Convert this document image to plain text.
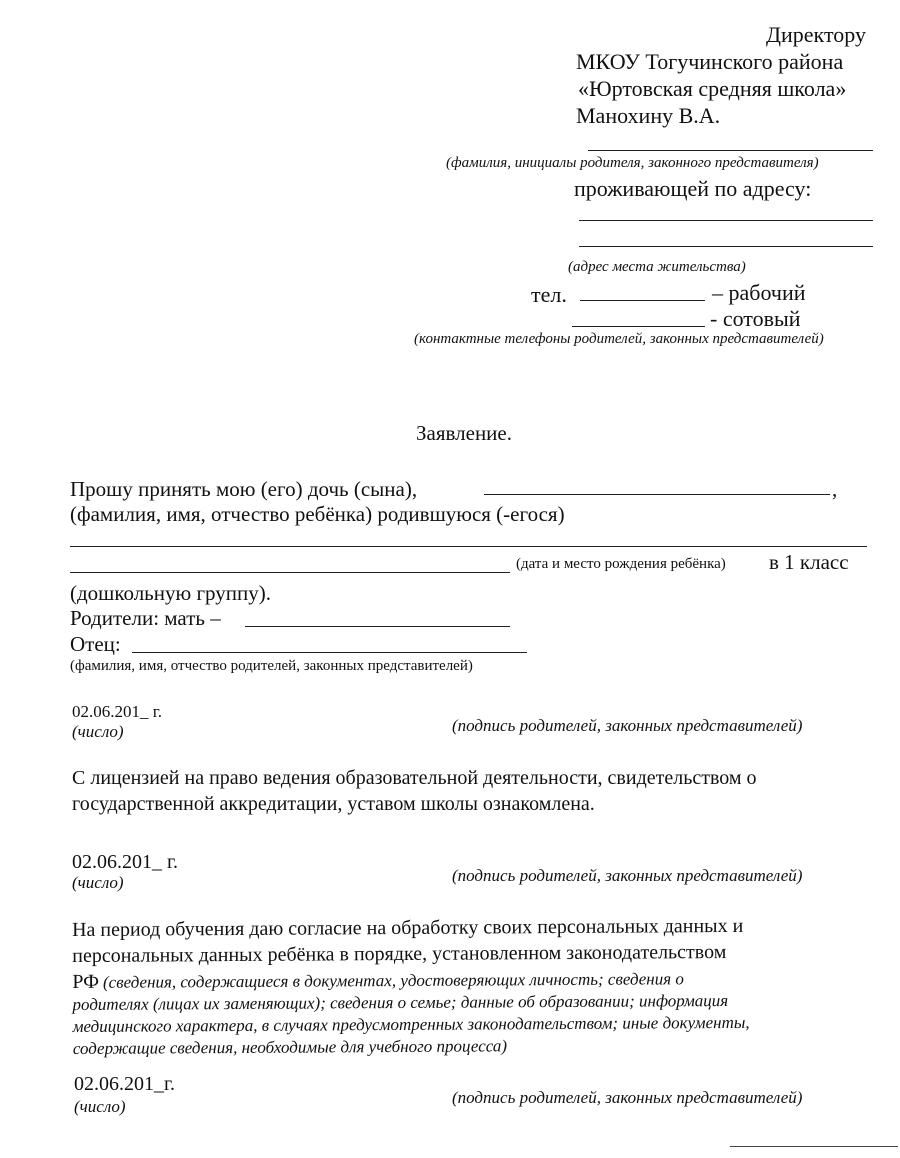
Директору
МКОУ Тогучинского района
«Юртовская средняя школа»
Манохину В.А.
(фамилия, инициалы родителя, законного представителя)
проживающей по адресу:
(адрес места жительства)
тел.	– рабочий
- сотовый
(контактные телефоны родителей, законных представителей)
Заявление.
Прошу принять мою (его) дочь (сына),	,
(фамилия, имя, отчество ребёнка) родившуюся (-егося)
(дата и место рождения ребёнка) в 1 класс
(дошкольную группу).
Родители: мать –
Отец:
(фамилия, имя, отчество родителей, законных представителей)
02.06.201_ г.
(число)	(подпись родителей, законных представителей)
С лицензией на право ведения образовательной деятельности, свидетельством о
государственной аккредитации, уставом школы ознакомлена.
02.06.201_ г.
(число)	(подпись родителей, законных представителей)
На период обучения даю согласие на обработку своих персональных данных и
персональных данных ребёнка в порядке, установленном законодательством
РФ (сведения, содержащиеся в документах, удостоверяющих личность; сведения о
родителях (лицах их заменяющих); сведения о семье; данные об образовании; информация
медицинского характера, в случаях предусмотренных законодательством; иные документы,
содержащие сведения, необходимые для учебного процесса)
02.06.201_г.
(число)	(подпись родителей, законных представителей)
